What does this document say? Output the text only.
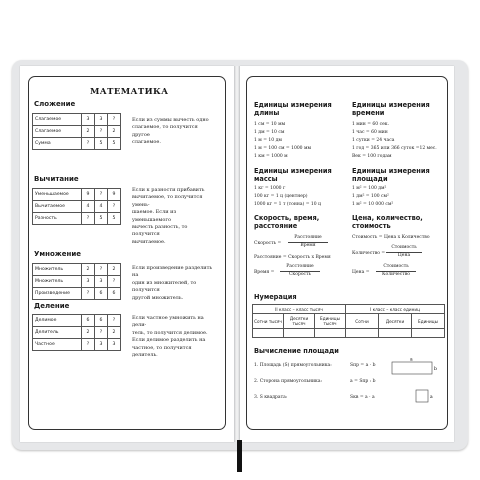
МАТЕМАТИКА
Сложение
Слагаемое	3	3	?
Слагаемое	2	?	2
Сумма	?	5	5
Если из суммы вычесть одно
слагаемое, то получится другое
слагаемое.
Вычитание
Уменьшаемое	9	?	9
Вычитаемое	4	4	?
Разность	?	5	5
Если к разности прибавить
вычитаемое, то получится умень-
шаемое. Если из уменьшаемого
вычесть разность, то получится
вычитаемое.
Умножение
Множитель	2	?	2
Множитель	3	3	?
Произведение	?	6	6
Если произведение разделить на
один из множителей, то получится
другой множитель.
Деление
Делимое	6	6	?
Делитель	2	?	2
Частное	?	3	3
Если частное умножить на дели-
тель, то получится делимое.
Если делимое разделить на
частное, то получится делитель.
Единицы измерения длины
1 см = 10 мм
1 дм = 10 см
1 м = 10 дм
1 м = 100 см = 1000 мм
1 км = 1000 м
Единицы измерения времени
1 мин = 60 сек.
1 час = 60 мин
1 сутки = 24 часа
1 год = 365 или 366 суток =12 мес.
Век = 100 годам
Единицы измерения массы
1 кг = 1000 г
100 кг = 1 ц (центнер)
1000 кг = 1 т (тонна) = 10 ц
Единицы измерения площади
1 м² = 100 дм²
1 дм² = 100 см²
1 м² = 10 000 см²
Скорость, время, расстояние
Скорость =
Расстояние
Время
Расстояние = Скорость х Время
Время =
Расстояние
Скорость
Цена, количество, стоимость
Стоимость = Цена х Количество
Количество =
Стоимость
Цена
Цена =
Стоимость
Количество
Нумерация
II класс – класс тысяч			I класс – класс единиц		
Сотни тысяч	Десятки тысяч	Единицы тысяч	Сотни	Десятки	Единицы

Вычисление площади
1. Площадь (S) прямоугольника:	Sпр = a · b
2. Сторона прямоугольника:	a = Sпр : b
3. S квадрата:	Sкв = a · a
a
b
a
